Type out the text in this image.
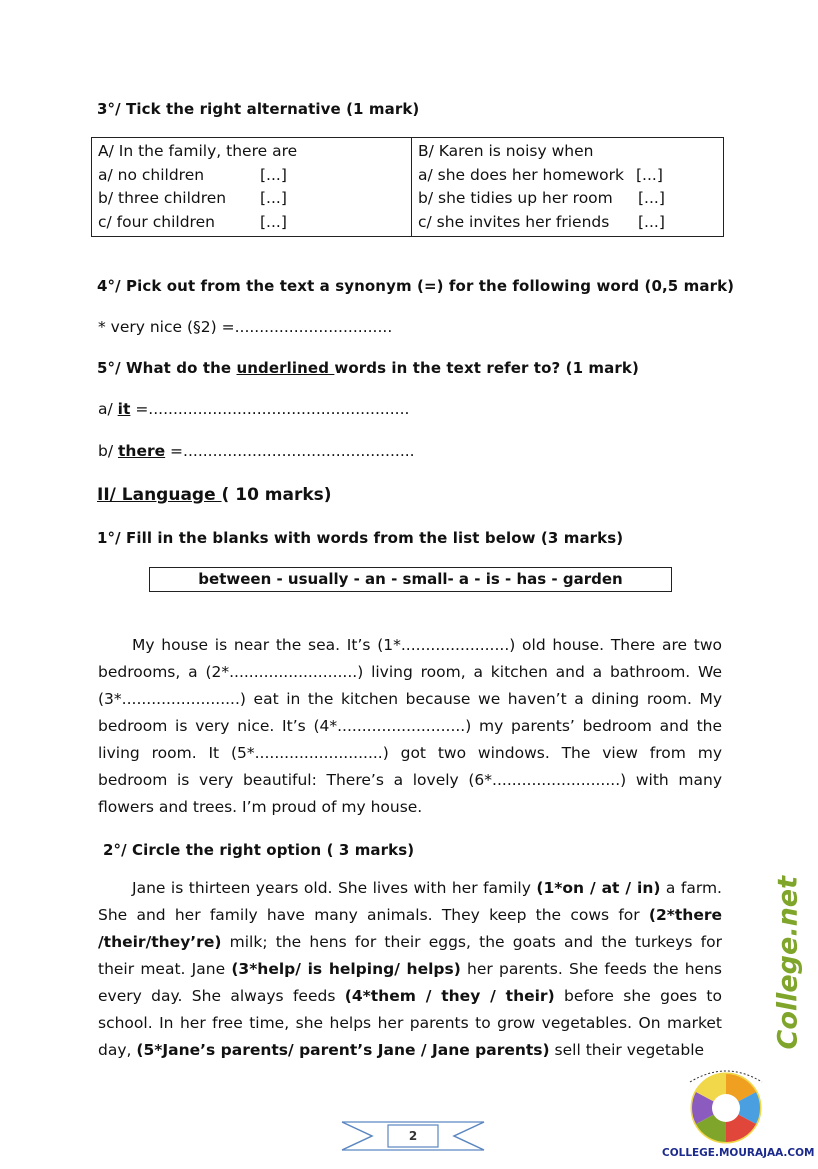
3°/ Tick the right alternative (1 mark)
A/ In the family, there are
a/ no children	[...]
b/ three children [...]
c/ four children	[...]

B/ Karen is noisy when
a/ she does her homework [...]
b/ she tidies up her room [...]
c/ she invites her friends [...]
4°/ Pick out from the text a synonym (=) for the following word (0,5 mark)
* very nice (§2) =................................
5°/ What do the underlined words in the text refer to? (1 mark)
a/ it =.....................................................
b/ there =...............................................
II/ Language ( 10 marks)
1°/ Fill in the blanks with words from the list below (3 marks)
between - usually - an - small- a - is - has - garden
My house is near the sea. It’s (1*......................) old house. There are two bedrooms, a (2*..........................) living room, a kitchen and a bathroom. We (3*........................) eat in the kitchen because we haven’t a dining room. My bedroom is very nice. It’s (4*..........................) my parents’ bedroom and the living room. It (5*..........................) got two windows. The view from my bedroom is very beautiful: There’s a lovely (6*..........................) with many flowers and trees. I’m proud of my house.
2°/ Circle the right option ( 3 marks)
Jane is thirteen years old. She lives with her family (1*on / at / in) a farm. She and her family have many animals. They keep the cows for (2*there /their/they’re) milk; the hens for their eggs, the goats and the turkeys for their meat. Jane (3*help/ is helping/ helps) her parents. She feeds the hens every day. She always feeds (4*them / they / their) before she goes to school. In her free time, she helps her parents to grow vegetables. On market day, (5*Jane’s parents/ parent’s Jane / Jane parents) sell their vegetable
2
College.net
COLLEGE.MOURAJAA.COM
